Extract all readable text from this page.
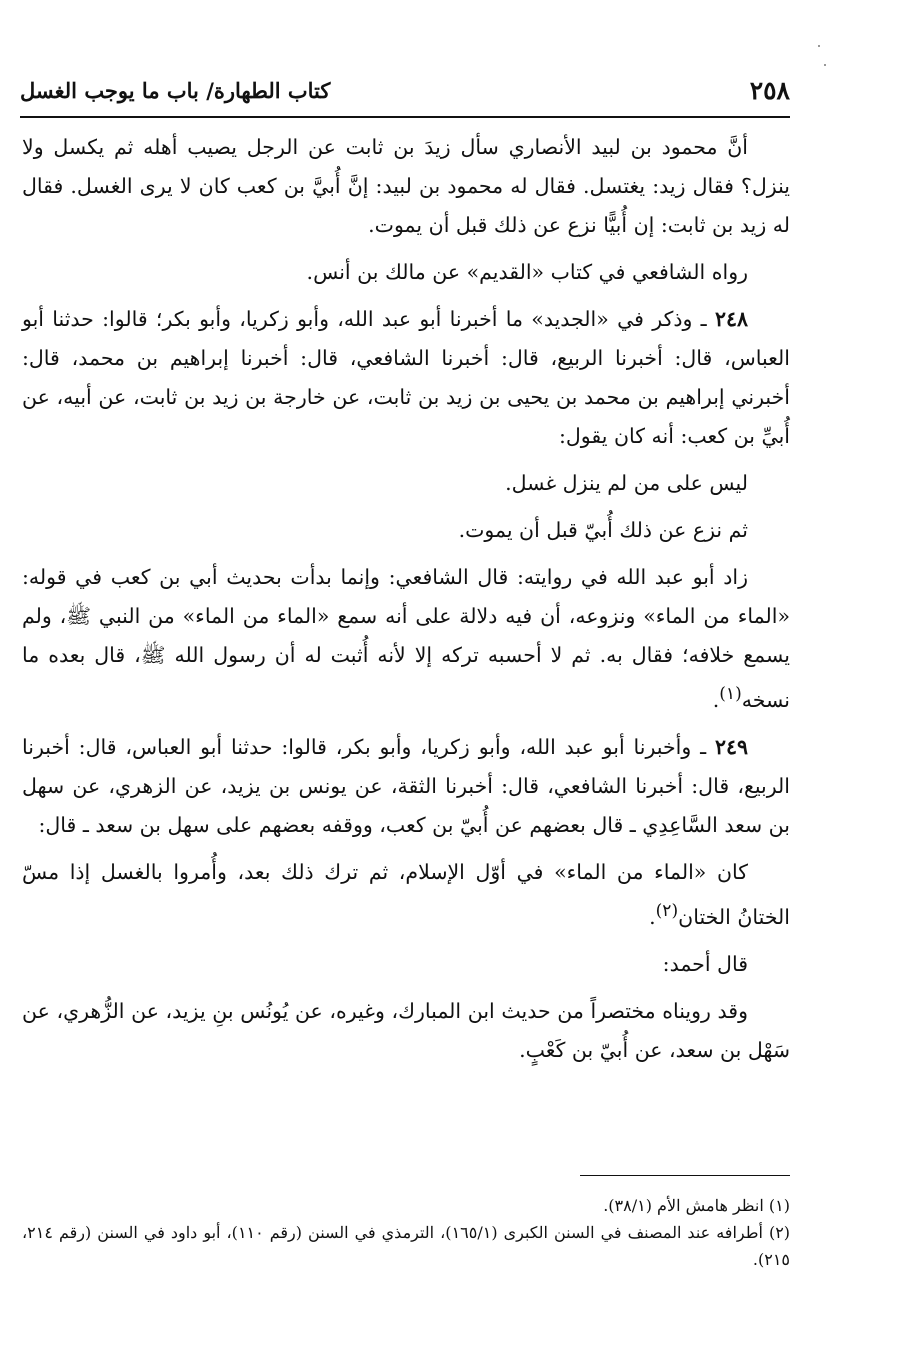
٢٥٨
كتاب الطهارة/ باب ما يوجب الغسل

أنَّ محمود بن لبيد الأنصاري سأل زيدَ بن ثابت عن الرجل يصيب أهله ثم يكسل ولا ينزل؟ فقال زيد: يغتسل. فقال له محمود بن لبيد: إنَّ أُبيَّ بن كعب كان لا يرى الغسل. فقال له زيد بن ثابت: إن أُبيًّا نزع عن ذلك قبل أن يموت.

رواه الشافعي في كتاب «القديم» عن مالك بن أنس.

٢٤٨ ـ وذكر في «الجديد» ما أخبرنا أبو عبد الله، وأبو زكريا، وأبو بكر؛ قالوا: حدثنا أبو العباس، قال: أخبرنا الربيع، قال: أخبرنا الشافعي، قال: أخبرنا إبراهيم بن محمد، قال: أخبرني إبراهيم بن محمد بن يحيى بن زيد بن ثابت، عن خارجة بن زيد بن ثابت، عن أبيه، عن أُبيِّ بن كعب: أنه كان يقول:

ليس على من لم ينزل غسل.

ثم نزع عن ذلك أُبيّ قبل أن يموت.

زاد أبو عبد الله في روايته: قال الشافعي: وإنما بدأت بحديث أبي بن كعب في قوله: «الماء من الماء» ونزوعه، أن فيه دلالة على أنه سمع «الماء من الماء» من النبي ﷺ، ولم يسمع خلافه؛ فقال به. ثم لا أحسبه تركه إلا لأنه أُثبت له أن رسول الله ﷺ، قال بعده ما نسخه$^{(١)}$.

٢٤٩ ـ وأخبرنا أبو عبد الله، وأبو زكريا، وأبو بكر، قالوا: حدثنا أبو العباس، قال: أخبرنا الربيع، قال: أخبرنا الشافعي، قال: أخبرنا الثقة، عن يونس بن يزيد، عن الزهري، عن سهل بن سعد السَّاعِدِي ـ قال بعضهم عن أُبيّ بن كعب، ووقفه بعضهم على سهل بن سعد ـ قال:

كان «الماء من الماء» في أوّل الإسلام، ثم ترك ذلك بعد، وأُمروا بالغسل إذا مسّ الختانُ الختان$^{(٢)}$.

قال أحمد:

وقد رويناه مختصراً من حديث ابن المبارك، وغيره، عن يُونُس بنِ يزيد، عن الزُّهري، عن سَهْل بن سعد، عن أُبيّ بن كَعْبٍ.

(١) انظر هامش الأم (٣٨/١).

(٢) أطرافه عند المصنف في السنن الكبرى (١٦٥/١)، الترمذي في السنن (رقم ١١٠)، أبو داود في السنن (رقم ٢١٤، ٢١٥).
